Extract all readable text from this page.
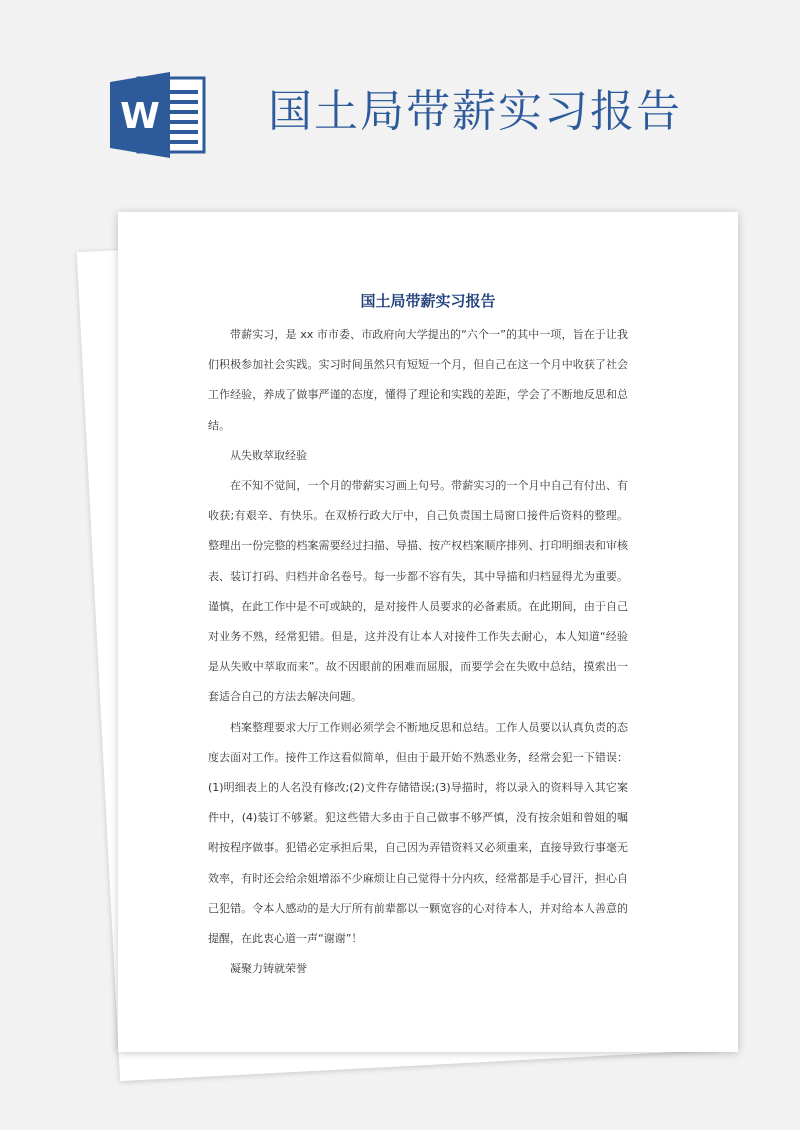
W 国土局带薪实习报告
国土局带薪实习报告

带薪实习，是 xx 市市委、市政府向大学提出的“六个一”的其中一项，旨在于让我们积极参加社会实践。实习时间虽然只有短短一个月，但自己在这一个月中收获了社会工作经验，养成了做事严谨的态度，懂得了理论和实践的差距，学会了不断地反思和总结。

从失败萃取经验

在不知不觉间，一个月的带薪实习画上句号。带薪实习的一个月中自己有付出、有收获;有艰辛、有快乐。在双桥行政大厅中，自己负责国土局窗口接件后资料的整理。整理出一份完整的档案需要经过扫描、导描、按产权档案顺序排列、打印明细表和审核表、装订打码、归档并命名卷号。每一步都不容有失，其中导描和归档显得尤为重要。谨慎，在此工作中是不可或缺的，是对接件人员要求的必备素质。在此期间，由于自己对业务不熟，经常犯错。但是，这并没有让本人对接件工作失去耐心，本人知道“经验是从失败中萃取而来”。故不因眼前的困难而屈服，而要学会在失败中总结，摸索出一套适合自己的方法去解决问题。

档案整理要求大厅工作则必须学会不断地反思和总结。工作人员要以认真负责的态度去面对工作。接件工作这看似简单，但由于最开始不熟悉业务，经常会犯一下错误：(1)明细表上的人名没有修改;(2)文件存储错误;(3)导描时，将以录入的资料导入其它案件中，(4)装订不够紧。犯这些错大多由于自己做事不够严慎，没有按余姐和曾姐的嘱咐按程序做事。犯错必定承担后果，自己因为弄错资料又必须重来，直接导致行事毫无效率，有时还会给余姐增添不少麻烦让自己觉得十分内疚，经常都是手心冒汗，担心自己犯错。令本人感动的是大厅所有前辈都以一颗宽容的心对待本人，并对给本人善意的提醒，在此衷心道一声“谢谢”！

凝聚力铸就荣誉
